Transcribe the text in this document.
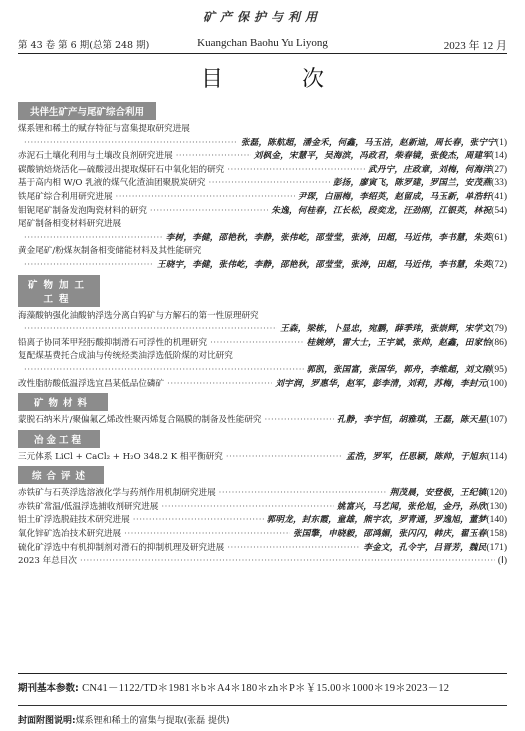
矿产保护与利用
第 43 卷 第 6 期(总第 248 期)	Kuangchan Baohu Yu Liyong	2023 年 12 月
目 次
共伴生矿产与尾矿综合利用
煤系锂和稀土的赋存特征与富集提取研究进展
·····
张磊，陈航超，潘金禾，何鑫，马玉洁，赵新迪，周长春，张宁宁 (1)
赤泥石土壤化利用与土壤改良剂研究进展 ·····	刘枫金，宋慧平，吴海滨，冯政君，柴春镜，张俊杰，周建军 (14)
碳酸钠焙烧活化—硫酸浸出提取煤矸石中氧化铝的研究 ·····	武丹宁，庄政章，刘梅，何海洋 (27)
基于高内相 W/O 乳液的煤气化渣油团聚脱炭研究 ·····	彭扬，廖寅飞，陈罗建，罗国兰，安茂燕 (33)
铁尾矿综合利用研究进展 ·····	尹琛，白丽梅，李绍英，赵留成，马玉新，单浩轩 (41)
钼铌尾矿制备发泡陶瓷材料的研究 ·····	朱逸，何桂春，江长松，段奕龙，汪劲刚，江银英，林祝 (54)
尾矿制备相变材料研究进展
·····
李树，李健，邵艳秋，李静，张伟屹，邵莹莹，张涛，田超，马近伟，李书慧，朱英 (61)
黄金尾矿/粉煤灰制备相变储能材料及其性能研究
·····
王晓宇，李健，张伟屹，李静，邵艳秋，邵莹莹，张涛，田超，马近伟，李书慧，朱英 (72)
矿物加工工程
海藻酸钠强化油酸钠浮选分离白钨矿与方解石的第一性原理研究
·····
王森，梁栋，卜显忠，宛鹏，薛季玮，张崇辉，宋学文 (79)
铅离子协同苯甲羟肟酸抑制滑石可浮性的机理研究 ·····	桂婉婷，雷大士，王宇斌，张帅，赵鑫，田家怡 (86)
复配煤基费托合成油与传统烃类油浮选低阶煤的对比研究
·····
郭凯，张国富，张国华，郭舟，李维超，刘文刚 (95)
改性脂肪酸低温浮选宜昌某低品位磷矿 ·····	刘宇润，罗惠华，赵军，彭李清，刘莉，苏梅，李封元 (100)
矿物材料
蒙脱石纳米片/聚偏氟乙烯改性聚丙烯复合隔膜的制备及性能研究 ·····	孔静，李宇恒，胡雅琪，王磊，陈天星 (107)
冶金工程
三元体系 LiCl + CaCl₂ + H₂O 348.2 K 相平衡研究 ·····	孟浩，罗军，任思颖，陈帅，于旭东 (114)
综合评述
赤铁矿与石英浮选溶液化学与药剂作用机制研究进展 ·····	荆茂晨，安登极，王纪镇 (120)
赤铁矿常温/低温浮选捕收剂研究进展 ·····	姚富兴，马艺闻，张伦旭，金丹，孙欣 (130)
铝土矿浮选脱硅技术研究进展 ·····	郭明龙，封东霞，童雄，熊宇农，罗青通，罗逸旭，董梦 (140)
氧化锌矿选冶技术研究进展 ·····	张国擎，申晓毅，邵鸿媚，张闪闪，韩庆，翟玉春 (158)
硫化矿浮选中有机抑制剂对滑石的抑制机理及研究进展 ·····	李金文，孔令宇，吕晋芳，魏民 (171)
2023 年总目次 ·····	(Ⅰ)
期刊基本参数: CN41－1122/TD＊1981＊b＊A4＊180＊zh＊P＊￥15.00＊1000＊19＊2023－12
封面附图说明:煤系锂和稀土的富集与提取(张磊 提供)
